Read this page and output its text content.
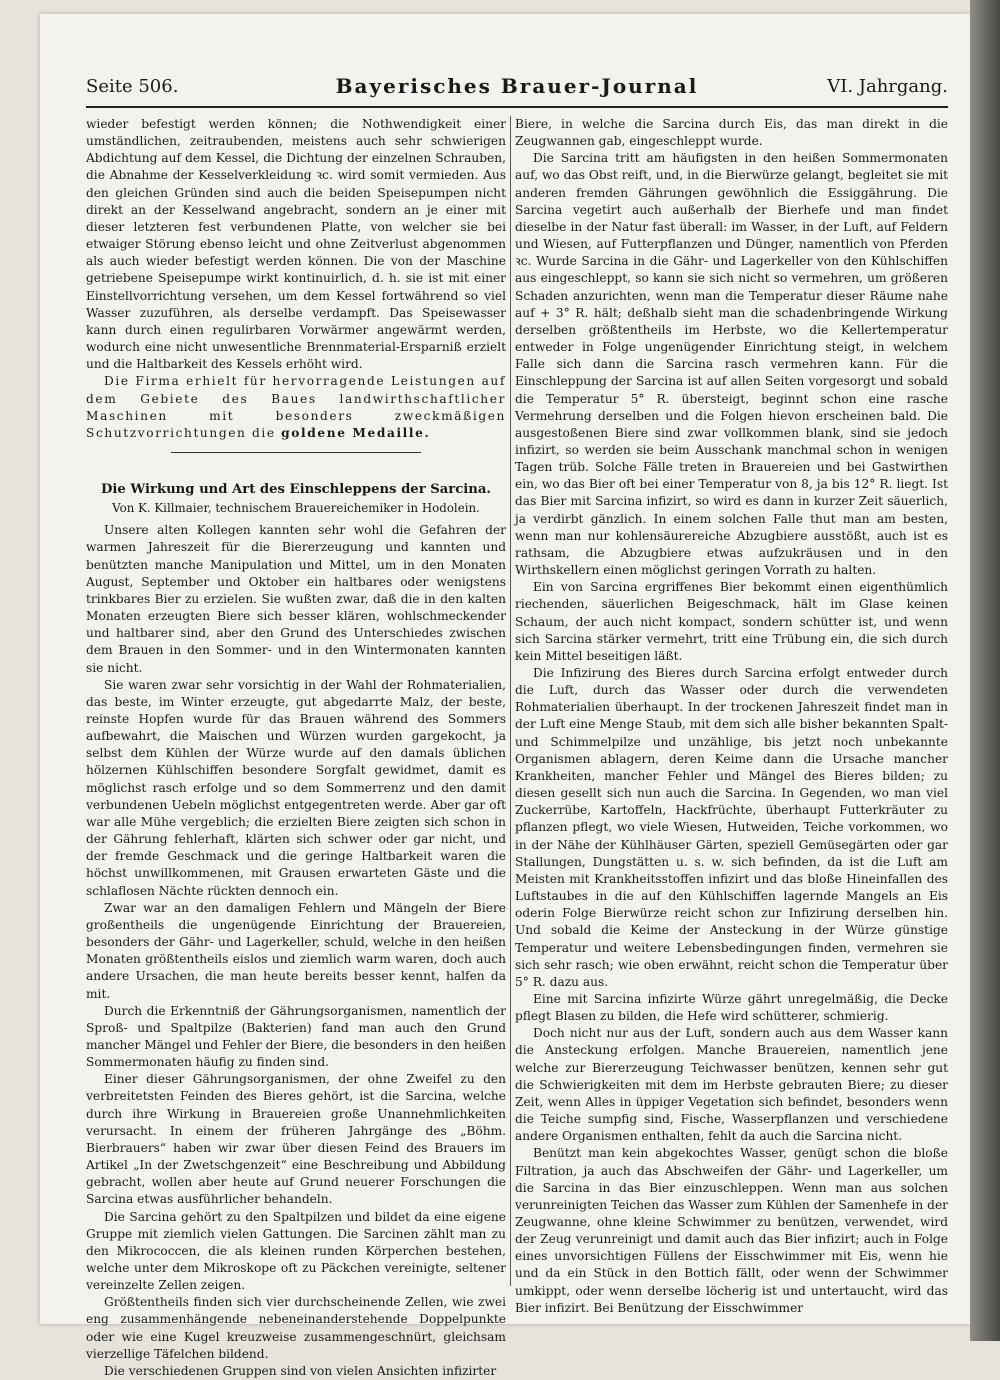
Seite 506.	Bayerisches Brauer-Journal	VI. Jahrgang.

wieder befestigt werden können; die Nothwendigkeit einer umständlichen, zeitraubenden, meistens auch sehr schwierigen Abdichtung auf dem Kessel, die Dichtung der einzelnen Schrauben, die Abnahme der Kesselverkleidung ꝛc. wird somit vermieden. Aus den gleichen Gründen sind auch die beiden Speisepumpen nicht direkt an der Kesselwand angebracht, sondern an je einer mit dieser letzteren fest verbundenen Platte, von welcher sie bei etwaiger Störung ebenso leicht und ohne Zeitverlust abgenommen als auch wieder befestigt werden können. Die von der Maschine getriebene Speisepumpe wirkt kontinuirlich, d. h. sie ist mit einer Einstellvorrichtung versehen, um dem Kessel fortwährend so viel Wasser zuzuführen, als derselbe verdampft. Das Speisewasser kann durch einen regulirbaren Vorwärmer angewärmt werden, wodurch eine nicht unwesentliche Brennmaterial-Ersparniß erzielt und die Haltbarkeit des Kessels erhöht wird.

Die Firma erhielt für hervorragende Leistungen auf dem Gebiete des Baues landwirthschaftlicher Maschinen mit besonders zweckmäßigen Schutzvorrichtungen die goldene Medaille.

Die Wirkung und Art des Einschleppens der Sarcina.
Von K. Killmaier, technischem Brauereichemiker in Hodolein.

Unsere alten Kollegen kannten sehr wohl die Gefahren der warmen Jahreszeit für die Biererzeugung und kannten und benützten manche Manipulation und Mittel, um in den Monaten August, September und Oktober ein haltbares oder wenigstens trinkbares Bier zu erzielen. Sie wußten zwar, daß die in den kalten Monaten erzeugten Biere sich besser klären, wohlschmeckender und haltbarer sind, aber den Grund des Unterschiedes zwischen dem Brauen in den Sommer- und in den Wintermonaten kannten sie nicht.

Sie waren zwar sehr vorsichtig in der Wahl der Rohmaterialien, das beste, im Winter erzeugte, gut abgedarrte Malz, der beste, reinste Hopfen wurde für das Brauen während des Sommers aufbewahrt, die Maischen und Würzen wurden gargekocht, ja selbst dem Kühlen der Würze wurde auf den damals üblichen hölzernen Kühlschiffen besondere Sorgfalt gewidmet, damit es möglichst rasch erfolge und so dem Sommerrenz und den damit verbundenen Uebeln möglichst entgegentreten werde. Aber gar oft war alle Mühe vergeblich; die erzielten Biere zeigten sich schon in der Gährung fehlerhaft, klärten sich schwer oder gar nicht, und der fremde Geschmack und die geringe Haltbarkeit waren die höchst unwillkommenen, mit Grausen erwarteten Gäste und die schlaflosen Nächte rückten dennoch ein.

Zwar war an den damaligen Fehlern und Mängeln der Biere großentheils die ungenügende Einrichtung der Brauereien, besonders der Gähr- und Lagerkeller, schuld, welche in den heißen Monaten größtentheils eislos und ziemlich warm waren, doch auch andere Ursachen, die man heute bereits besser kennt, halfen da mit.

Durch die Erkenntniß der Gährungsorganismen, namentlich der Sproß- und Spaltpilze (Bakterien) fand man auch den Grund mancher Mängel und Fehler der Biere, die besonders in den heißen Sommermonaten häufig zu finden sind.

Einer dieser Gährungsorganismen, der ohne Zweifel zu den verbreitetsten Feinden des Bieres gehört, ist die Sarcina, welche durch ihre Wirkung in Brauereien große Unannehmlichkeiten verursacht. In einem der früheren Jahrgänge des „Böhm. Bierbrauers“ haben wir zwar über diesen Feind des Brauers im Artikel „In der Zwetschgenzeit“ eine Beschreibung und Abbildung gebracht, wollen aber heute auf Grund neuerer Forschungen die Sarcina etwas ausführlicher behandeln.

Die Sarcina gehört zu den Spaltpilzen und bildet da eine eigene Gruppe mit ziemlich vielen Gattungen. Die Sarcinen zählt man zu den Mikrococcen, die als kleinen runden Körperchen bestehen, welche unter dem Mikroskope oft zu Päckchen vereinigte, seltener vereinzelte Zellen zeigen.

Größtentheils finden sich vier durchscheinende Zellen, wie zwei eng zusammenhängende nebeneinanderstehende Doppelpunkte oder wie eine Kugel kreuzweise zusammengeschnürt, gleichsam vierzellige Täfelchen bildend.

Die verschiedenen Gruppen sind von vielen Ansichten infizirter

Biere, in welche die Sarcina durch Eis, das man direkt in die Zeugwannen gab, eingeschleppt wurde.

Die Sarcina tritt am häufigsten in den heißen Sommermonaten auf, wo das Obst reift, und, in die Bierwürze gelangt, begleitet sie mit anderen fremden Gährungen gewöhnlich die Essiggährung. Die Sarcina vegetirt auch außerhalb der Bierhefe und man findet dieselbe in der Natur fast überall: im Wasser, in der Luft, auf Feldern und Wiesen, auf Futterpflanzen und Dünger, namentlich von Pferden ꝛc. Wurde Sarcina in die Gähr- und Lagerkeller von den Kühlschiffen aus eingeschleppt, so kann sie sich nicht so vermehren, um größeren Schaden anzurichten, wenn man die Temperatur dieser Räume nahe auf + 3° R. hält; deßhalb sieht man die schadenbringende Wirkung derselben größtentheils im Herbste, wo die Kellertemperatur entweder in Folge ungenügender Einrichtung steigt, in welchem Falle sich dann die Sarcina rasch vermehren kann. Für die Einschleppung der Sarcina ist auf allen Seiten vorgesorgt und sobald die Temperatur 5° R. übersteigt, beginnt schon eine rasche Vermehrung derselben und die Folgen hievon erscheinen bald. Die ausgestoßenen Biere sind zwar vollkommen blank, sind sie jedoch infizirt, so werden sie beim Ausschank manchmal schon in wenigen Tagen trüb. Solche Fälle treten in Brauereien und bei Gastwirthen ein, wo das Bier oft bei einer Temperatur von 8, ja bis 12° R. liegt. Ist das Bier mit Sarcina infizirt, so wird es dann in kurzer Zeit säuerlich, ja verdirbt gänzlich. In einem solchen Falle thut man am besten, wenn man nur kohlensäurereiche Abzugbiere ausstößt, auch ist es rathsam, die Abzugbiere etwas aufzukräusen und in den Wirthskellern einen möglichst geringen Vorrath zu halten.

Ein von Sarcina ergriffenes Bier bekommt einen eigenthümlich riechenden, säuerlichen Beigeschmack, hält im Glase keinen Schaum, der auch nicht kompact, sondern schütter ist, und wenn sich Sarcina stärker vermehrt, tritt eine Trübung ein, die sich durch kein Mittel beseitigen läßt.

Die Infizirung des Bieres durch Sarcina erfolgt entweder durch die Luft, durch das Wasser oder durch die verwendeten Rohmaterialien überhaupt. In der trockenen Jahreszeit findet man in der Luft eine Menge Staub, mit dem sich alle bisher bekannten Spalt- und Schimmelpilze und unzählige, bis jetzt noch unbekannte Organismen ablagern, deren Keime dann die Ursache mancher Krankheiten, mancher Fehler und Mängel des Bieres bilden; zu diesen gesellt sich nun auch die Sarcina. In Gegenden, wo man viel Zuckerrübe, Kartoffeln, Hackfrüchte, überhaupt Futterkräuter zu pflanzen pflegt, wo viele Wiesen, Hutweiden, Teiche vorkommen, wo in der Nähe der Kühlhäuser Gärten, speziell Gemüsegärten oder gar Stallungen, Dungstätten u. s. w. sich befinden, da ist die Luft am Meisten mit Krankheitsstoffen infizirt und das bloße Hineinfallen des Luftstaubes in die auf den Kühlschiffen lagernde Mangels an Eis oderin Folge Bierwürze reicht schon zur Infizirung derselben hin. Und sobald die Keime der Ansteckung in der Würze günstige Temperatur und weitere Lebensbedingungen finden, vermehren sie sich sehr rasch; wie oben erwähnt, reicht schon die Temperatur über 5° R. dazu aus.

Eine mit Sarcina infizirte Würze gährt unregelmäßig, die Decke pflegt Blasen zu bilden, die Hefe wird schütterer, schmierig.

Doch nicht nur aus der Luft, sondern auch aus dem Wasser kann die Ansteckung erfolgen. Manche Brauereien, namentlich jene welche zur Biererzeugung Teichwasser benützen, kennen sehr gut die Schwierigkeiten mit dem im Herbste gebrauten Biere; zu dieser Zeit, wenn Alles in üppiger Vegetation sich befindet, besonders wenn die Teiche sumpfig sind, Fische, Wasserpflanzen und verschiedene andere Organismen enthalten, fehlt da auch die Sarcina nicht.

Benützt man kein abgekochtes Wasser, genügt schon die bloße Filtration, ja auch das Abschweifen der Gähr- und Lagerkeller, um die Sarcina in das Bier einzuschleppen. Wenn man aus solchen verunreinigten Teichen das Wasser zum Kühlen der Samenhefe in der Zeugwanne, ohne kleine Schwimmer zu benützen, verwendet, wird der Zeug verunreinigt und damit auch das Bier infizirt; auch in Folge eines unvorsichtigen Füllens der Eisschwimmer mit Eis, wenn hie und da ein Stück in den Bottich fällt, oder wenn der Schwimmer umkippt, oder wenn derselbe löcherig ist und untertaucht, wird das Bier infizirt. Bei Benützung der Eisschwimmer
